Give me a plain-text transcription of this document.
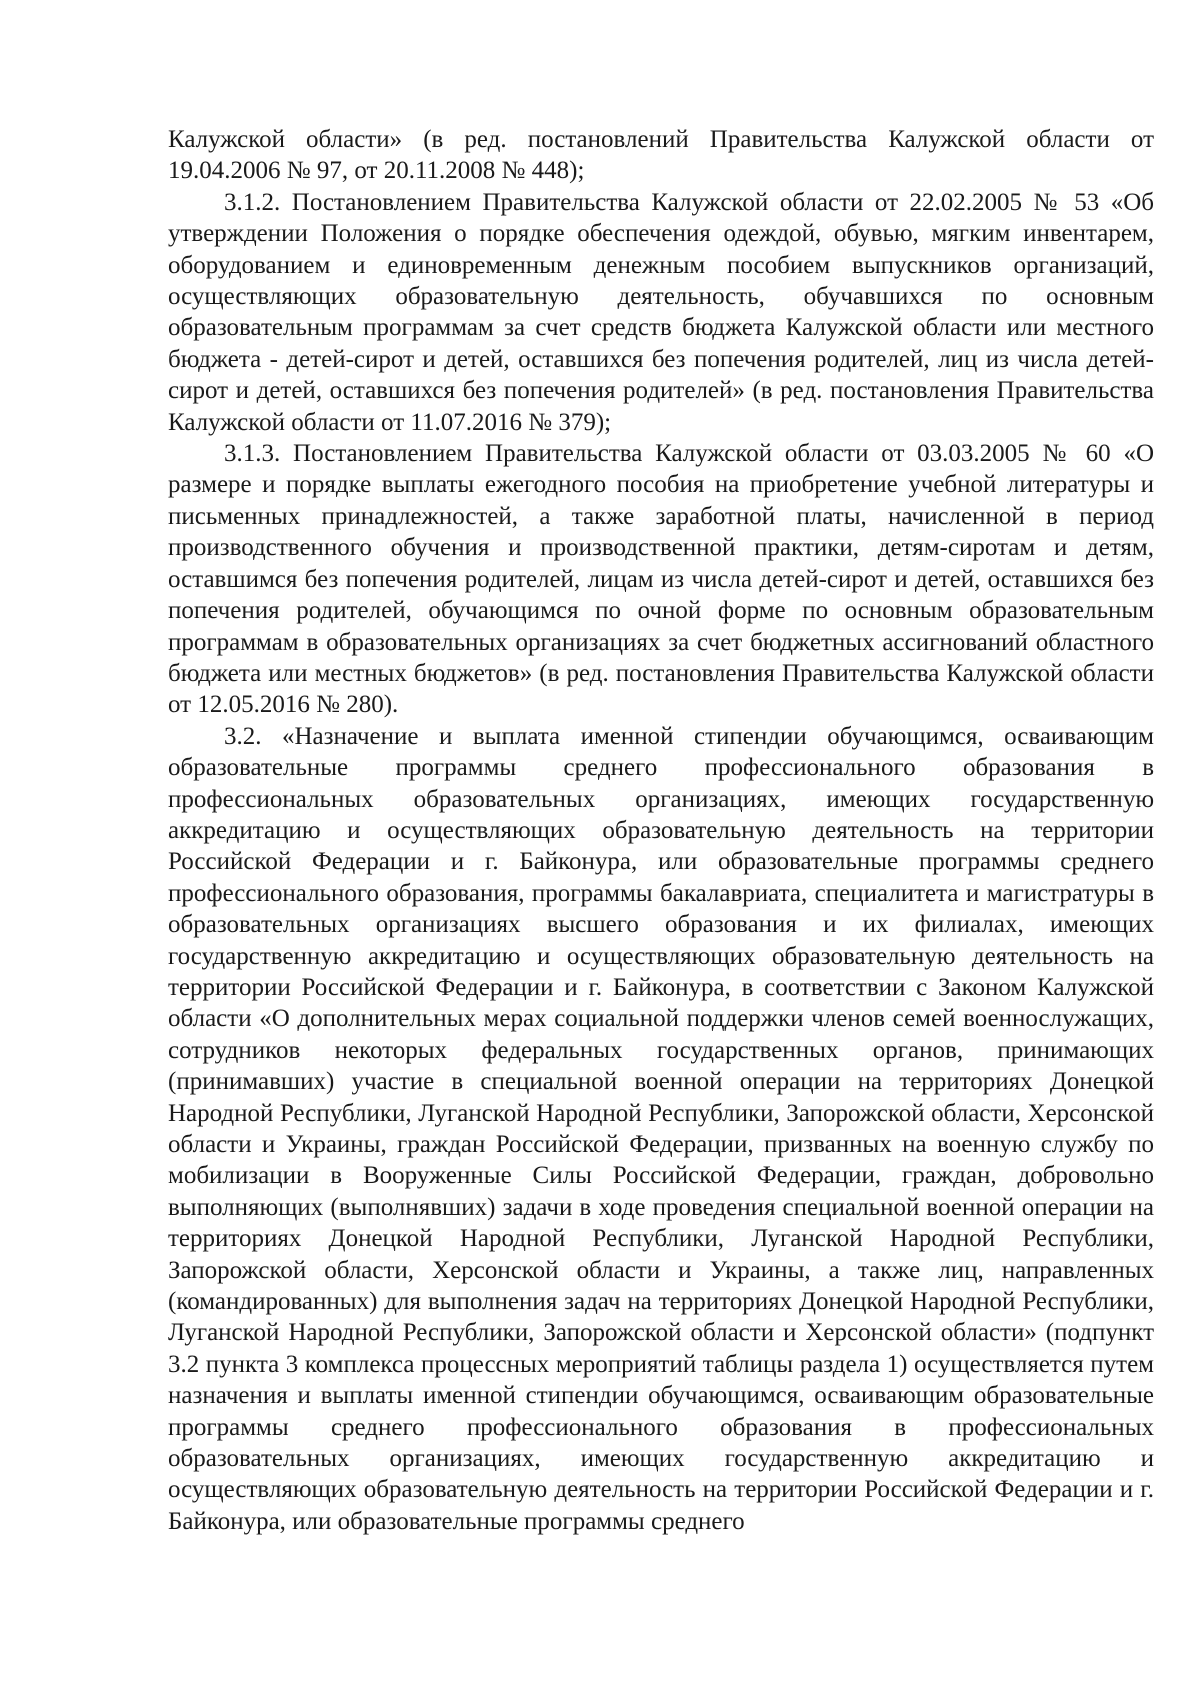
Калужской области» (в ред. постановлений Правительства Калужской области от 19.04.2006 № 97, от 20.11.2008 № 448);

3.1.2. Постановлением Правительства Калужской области от 22.02.2005 № 53 «Об утверждении Положения о порядке обеспечения одеждой, обувью, мягким инвентарем, оборудованием и единовременным денежным пособием выпускников организаций, осуществляющих образовательную деятельность, обучавшихся по основным образовательным программам за счет средств бюджета Калужской области или местного бюджета - детей-сирот и детей, оставшихся без попечения родителей, лиц из числа детей-сирот и детей, оставшихся без попечения родителей» (в ред. постановления Правительства Калужской области от 11.07.2016 № 379);

3.1.3. Постановлением Правительства Калужской области от 03.03.2005 № 60 «О размере и порядке выплаты ежегодного пособия на приобретение учебной литературы и письменных принадлежностей, а также заработной платы, начисленной в период производственного обучения и производственной практики, детям-сиротам и детям, оставшимся без попечения родителей, лицам из числа детей-сирот и детей, оставшихся без попечения родителей, обучающимся по очной форме по основным образовательным программам в образовательных организациях за счет бюджетных ассигнований областного бюджета или местных бюджетов» (в ред. постановления Правительства Калужской области от 12.05.2016 № 280).

3.2. «Назначение и выплата именной стипендии обучающимся, осваивающим образовательные программы среднего профессионального образования в профессиональных образовательных организациях, имеющих государственную аккредитацию и осуществляющих образовательную деятельность на территории Российской Федерации и г. Байконура, или образовательные программы среднего профессионального образования, программы бакалавриата, специалитета и магистратуры в образовательных организациях высшего образования и их филиалах, имеющих государственную аккредитацию и осуществляющих образовательную деятельность на территории Российской Федерации и г. Байконура, в соответствии с Законом Калужской области «О дополнительных мерах социальной поддержки членов семей военнослужащих, сотрудников некоторых федеральных государственных органов, принимающих (принимавших) участие в специальной военной операции на территориях Донецкой Народной Республики, Луганской Народной Республики, Запорожской области, Херсонской области и Украины, граждан Российской Федерации, призванных на военную службу по мобилизации в Вооруженные Силы Российской Федерации, граждан, добровольно выполняющих (выполнявших) задачи в ходе проведения специальной военной операции на территориях Донецкой Народной Республики, Луганской Народной Республики, Запорожской области, Херсонской области и Украины, а также лиц, направленных (командированных) для выполнения задач на территориях Донецкой Народной Республики, Луганской Народной Республики, Запорожской области и Херсонской области» (подпункт 3.2 пункта 3 комплекса процессных мероприятий таблицы раздела 1) осуществляется путем назначения и выплаты именной стипендии обучающимся, осваивающим образовательные программы среднего профессионального образования в профессиональных образовательных организациях, имеющих государственную аккредитацию и осуществляющих образовательную деятельность на территории Российской Федерации и г. Байконура, или образовательные программы среднего
